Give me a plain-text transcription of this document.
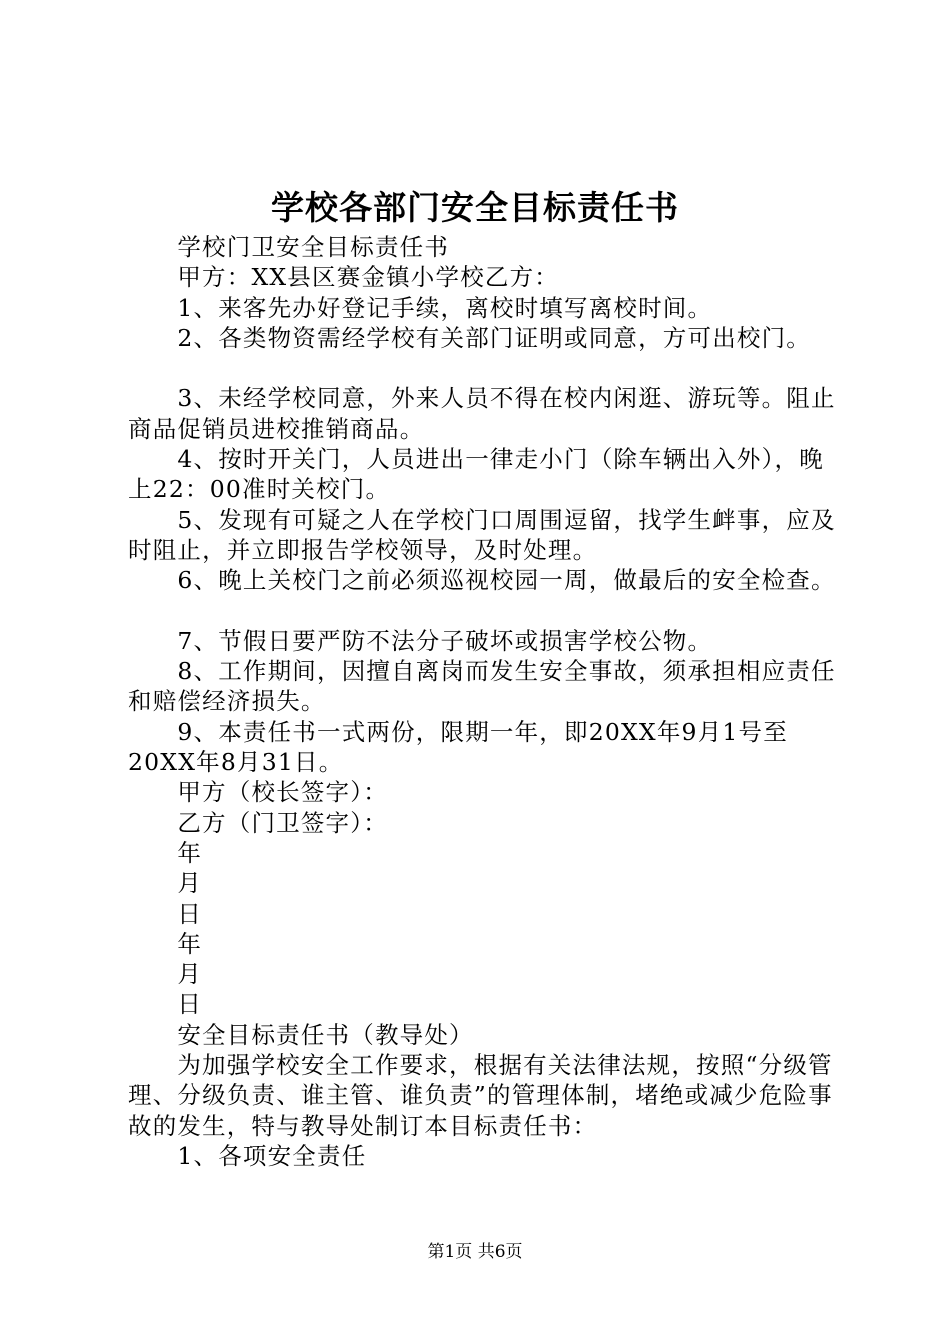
学校各部门安全目标责任书

学校门卫安全目标责任书

甲方：XX县区赛金镇小学校乙方：

1、来客先办好登记手续，离校时填写离校时间。

2、各类物资需经学校有关部门证明或同意，方可出校门。

3、未经学校同意，外来人员不得在校内闲逛、游玩等。阻止商品促销员进校推销商品。

4、按时开关门，人员进出一律走小门（除车辆出入外），晚上22：00准时关校门。

5、发现有可疑之人在学校门口周围逗留，找学生衅事，应及时阻止，并立即报告学校领导，及时处理。

6、晚上关校门之前必须巡视校园一周，做最后的安全检查。

7、节假日要严防不法分子破坏或损害学校公物。

8、工作期间，因擅自离岗而发生安全事故，须承担相应责任和赔偿经济损失。

9、本责任书一式两份，限期一年，即20XX年9月1号至20XX年8月31日。

甲方（校长签字）：

乙方（门卫签字）：

年

月

日

年

月

日

安全目标责任书（教导处）

为加强学校安全工作要求，根据有关法律法规，按照“分级管理、分级负责、谁主管、谁负责”的管理体制，堵绝或减少危险事故的发生，特与教导处制订本目标责任书：

1、各项安全责任

第1页 共6页
